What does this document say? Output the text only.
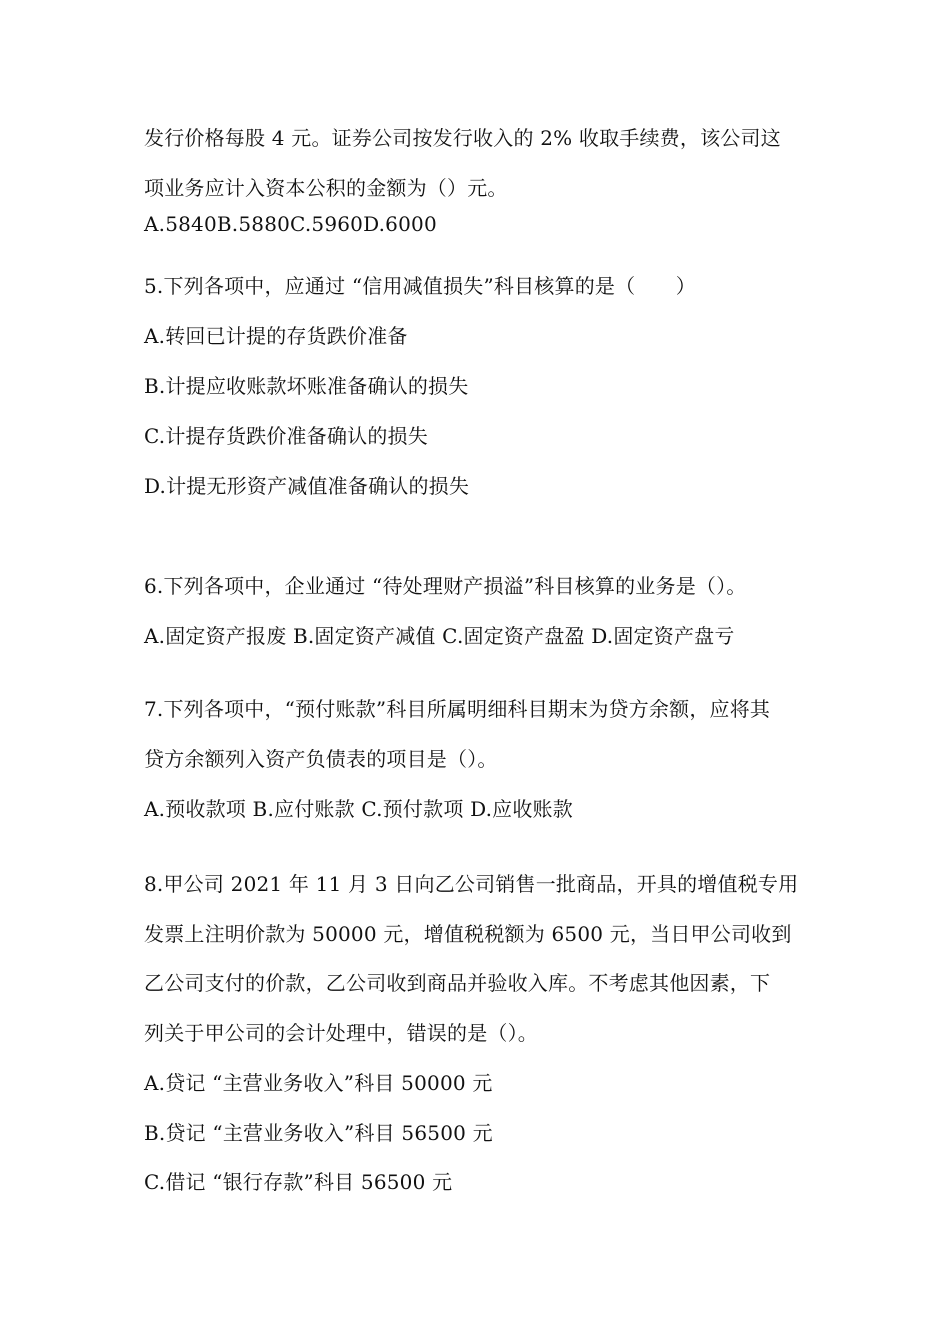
发行价格每股 4 元。证券公司按发行收入的 2% 收取手续费，该公司这
项业务应计入资本公积的金额为（）元。
A.5840B.5880C.5960D.6000
5.下列各项中，应通过 “信用减值损失”科目核算的是（　　）
A.转回已计提的存货跌价准备
B.计提应收账款坏账准备确认的损失
C.计提存货跌价准备确认的损失
D.计提无形资产减值准备确认的损失
6.下列各项中，企业通过 “待处理财产损溢”科目核算的业务是（）。
A.固定资产报废 B.固定资产减值 C.固定资产盘盈 D.固定资产盘亏
7.下列各项中，“预付账款”科目所属明细科目期末为贷方余额，应将其
贷方余额列入资产负债表的项目是（）。
A.预收款项 B.应付账款 C.预付款项 D.应收账款
8.甲公司 2021 年 11 月 3 日向乙公司销售一批商品，开具的增值税专用
发票上注明价款为 50000 元，增值税税额为 6500 元，当日甲公司收到
乙公司支付的价款，乙公司收到商品并验收入库。不考虑其他因素，下
列关于甲公司的会计处理中，错误的是（）。
A.贷记 “主营业务收入”科目 50000 元
B.贷记 “主营业务收入”科目 56500 元
C.借记 “银行存款”科目 56500 元
